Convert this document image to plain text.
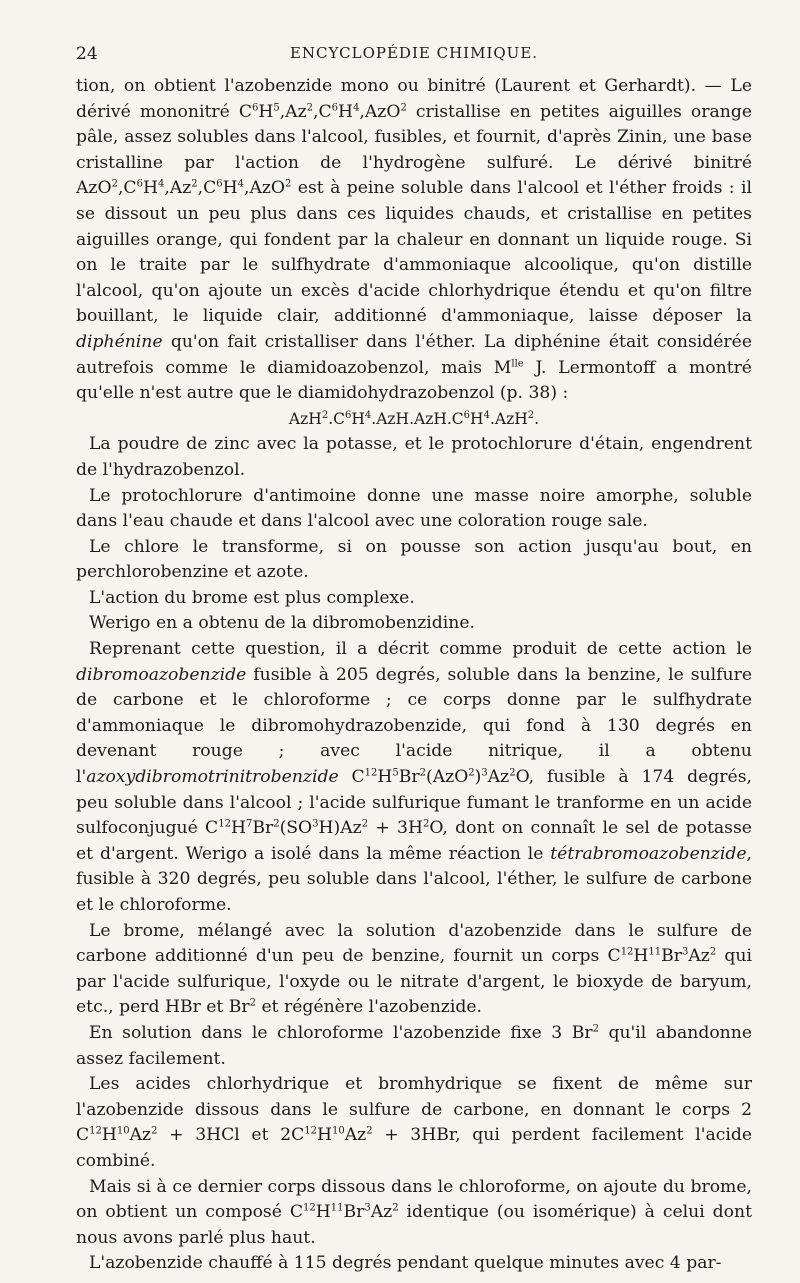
24	ENCYCLOPÉDIE CHIMIQUE.

tion, on obtient l'azobenzide mono ou binitré (Laurent et Gerhardt). — Le dérivé mononitré $C^6H^5,Az^2,C^6H^4,AzO^2$ cristallise en petites aiguilles orange pâle, assez solubles dans l'alcool, fusibles, et fournit, d'après Zinin, une base cristalline par l'action de l'hydrogène sulfuré. Le dérivé binitré $AzO^2,C^6H^4,Az^2,C^6H^4,AzO^2$ est à peine soluble dans l'alcool et l'éther froids : il se dissout un peu plus dans ces liquides chauds, et cristallise en petites aiguilles orange, qui fondent par la chaleur en donnant un liquide rouge. Si on le traite par le sulfhydrate d'ammoniaque alcoolique, qu'on distille l'alcool, qu'on ajoute un excès d'acide chlorhydrique étendu et qu'on filtre bouillant, le liquide clair, additionné d'ammoniaque, laisse déposer la diphénine qu'on fait cristalliser dans l'éther. La diphénine était considérée autrefois comme le diamidoazobenzol, mais $M^{lle}$ J. Lermontoff a montré qu'elle n'est autre que le diamidohydrazobenzol (p. 38) :

$AzH^2.C^6H^4.AzH.AzH.C^6H^4.AzH^2$.

La poudre de zinc avec la potasse, et le protochlorure d'étain, engendrent de l'hydrazobenzol.

Le protochlorure d'antimoine donne une masse noire amorphe, soluble dans l'eau chaude et dans l'alcool avec une coloration rouge sale.

Le chlore le transforme, si on pousse son action jusqu'au bout, en perchlorobenzine et azote.

L'action du brome est plus complexe.

Werigo en a obtenu de la dibromobenzidine.

Reprenant cette question, il a décrit comme produit de cette action le dibromoazobenzide fusible à 205 degrés, soluble dans la benzine, le sulfure de carbone et le chloroforme ; ce corps donne par le sulfhydrate d'ammoniaque le dibromohydrazobenzide, qui fond à 130 degrés en devenant rouge ; avec l'acide nitrique, il a obtenu l'azoxydibromotrinitrobenzide $C^{12}H^5Br^2(AzO^2)^3Az^2O$, fusible à 174 degrés, peu soluble dans l'alcool ; l'acide sulfurique fumant le tranforme en un acide sulfoconjugué $C^{12}H^7Br^2(SO^3H)Az^2 + 3H^2O$, dont on connaît le sel de potasse et d'argent. Werigo a isolé dans la même réaction le tétrabromoazobenzide, fusible à 320 degrés, peu soluble dans l'alcool, l'éther, le sulfure de carbone et le chloroforme.

Le brome, mélangé avec la solution d'azobenzide dans le sulfure de carbone additionné d'un peu de benzine, fournit un corps $C^{12}H^{11}Br^3Az^2$ qui par l'acide sulfurique, l'oxyde ou le nitrate d'argent, le bioxyde de baryum, etc., perd HBr et Br$^2$ et régénère l'azobenzide.

En solution dans le chloroforme l'azobenzide fixe 3 Br$^2$ qu'il abandonne assez facilement.

Les acides chlorhydrique et bromhydrique se fixent de même sur l'azobenzide dissous dans le sulfure de carbone, en donnant le corps 2 $C^{12}H^{10}Az^2 + 3HCl$ et $2C^{12}H^{10}Az^2 + 3HBr$, qui perdent facilement l'acide combiné.

Mais si à ce dernier corps dissous dans le chloroforme, on ajoute du brome, on obtient un composé $C^{12}H^{11}Br^3Az^2$ identique (ou isomérique) à celui dont nous avons parlé plus haut.

L'azobenzide chauffé à 115 degrés pendant quelque minutes avec 4 par-
